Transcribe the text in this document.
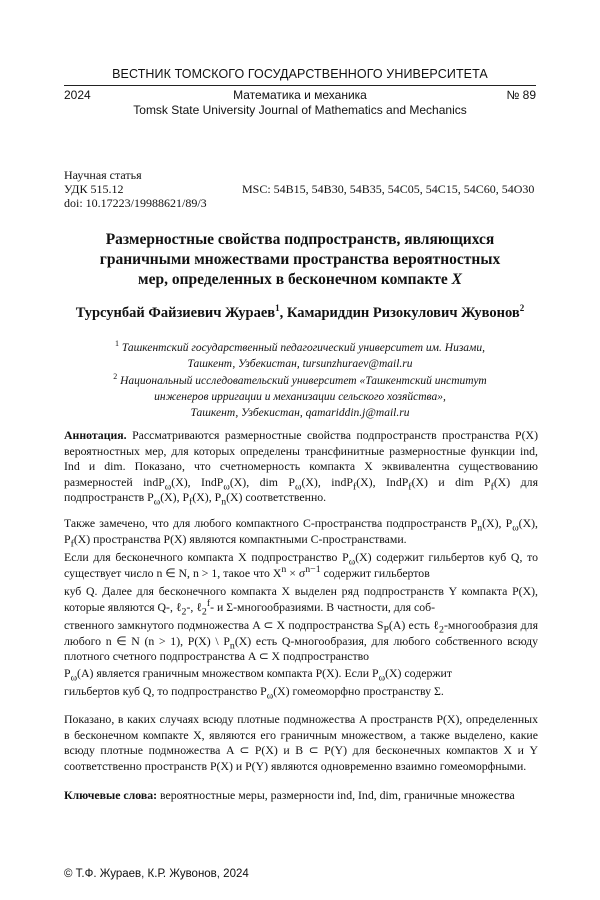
ВЕСТНИК ТОМСКОГО ГОСУДАРСТВЕННОГО УНИВЕРСИТЕТА
2024	Математика и механика	№ 89
Tomsk State University Journal of Mathematics and Mechanics
Научная статья
УДК 515.12	MSC: 54B15, 54B30, 54B35, 54C05, 54C15, 54C60, 54O30
doi: 10.17223/19988621/89/3
Размерностные свойства подпространств, являющихся
граничными множествами пространства вероятностных
мер, определенных в бесконечном компакте X
Турсунбай Файзиевич Жураев$^1$, Камариддин Ризокулович Жувонов$^2$
$^1$ Ташкентский государственный педагогический университет им. Низами,
Ташкент, Узбекистан, tursunzhuraev@mail.ru
$^2$ Национальный исследовательский университет «Ташкентский институт
инженеров ирригации и механизации сельского хозяйства»,
Ташкент, Узбекистан, qamariddin.j@mail.ru
Аннотация. Рассматриваются размерностные свойства подпространств пространства P(X) вероятностных мер, для которых определены трансфинитные размерностные функции ind, Ind и dim. Показано, что счетномерность компакта X эквивалентна существованию размерностей indP$_\omega$(X), IndP$_\omega$(X), dim $P_\omega(X)$, indP$_f$(X), IndP$_f$(X) и dim $P_f(X)$ для подпространств $P_\omega(X)$, $P_f(X)$, $P_n(X)$ соответственно.
Также замечено, что для любого компактного C-пространства подпространств $P_n(X)$, $P_\omega(X)$, $P_f(X)$ пространства P(X) являются компактными C-пространствами.
Если для бесконечного компакта X подпространство $P_\omega(X)$ содержит гильбертов куб Q, то существует число n ∈ N, n > 1, такое что $X^n \times \sigma^{n-1}$ содержит гильбертов
куб Q. Далее для бесконечного компакта X выделен ряд подпространств Y компакта P(X), которые являются Q-, ℓ$_2$-, ℓ$_2^f$- и Σ-многообразиями. В частности, для соб-
ственного замкнутого подмножества A ⊂ X подпространства $S_P(A)$ есть ℓ$_2$-многообразия для любого n ∈ N (n > 1), P(X) \ $P_n(X)$ есть Q-многообразия, для любого собственного всюду плотного счетного подпространства A ⊂ X подпространство
$P_\omega(A)$ является граничным множеством компакта P(X). Если $P_\omega(X)$ содержит
гильбертов куб Q, то подпространство $P_\omega(X)$ гомеоморфно пространству Σ.
Показано, в каких случаях всюду плотные подмножества A пространств P(X), определенных в бесконечном компакте X, являются его граничным множеством, а также выделено, какие всюду плотные подмножества A ⊂ P(X) и B ⊂ P(Y) для бесконечных компактов X и Y соответственно пространств P(X) и P(Y) являются одновременно взаимно гомеоморфными.
Ключевые слова: вероятностные меры, размерности ind, Ind, dim, граничные множества
© Т.Ф. Жураев, К.Р. Жувонов, 2024
